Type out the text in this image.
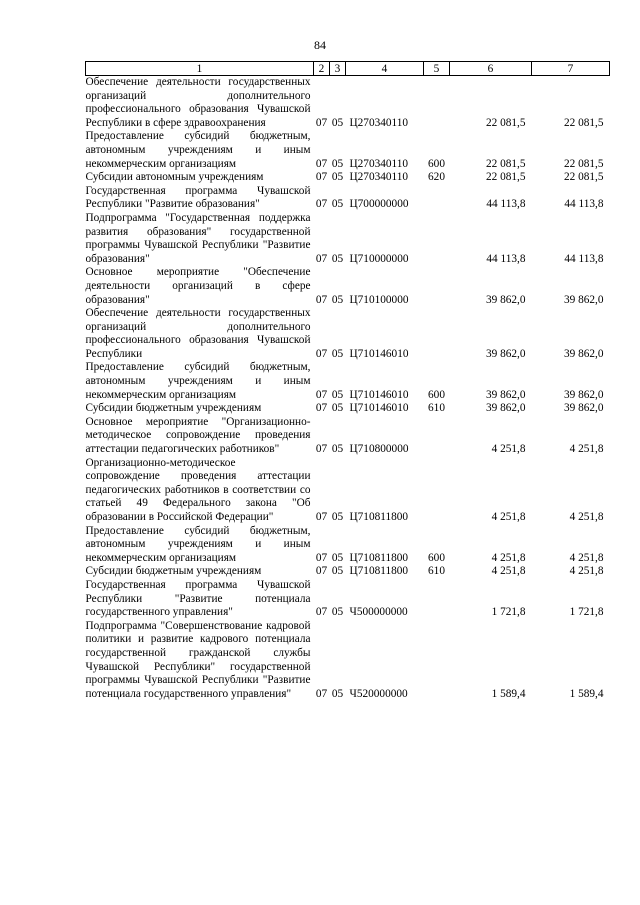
84
1	2	3	4	5	6	7
Обеспечение деятельности государственных организаций дополнительного профессионального образования Чувашской Республики в сфере здравоохранения	07	05	Ц270340110		22 081,5	22 081,5
Предоставление субсидий бюджетным, автономным учреждениям и иным некоммерческим организациям	07	05	Ц270340110	600	22 081,5	22 081,5
Субсидии автономным учреждениям	07	05	Ц270340110	620	22 081,5	22 081,5
Государственная программа Чувашской Республики "Развитие образования"	07	05	Ц700000000		44 113,8	44 113,8
Подпрограмма "Государственная поддержка развития образования" государственной программы Чувашской Республики "Развитие образования"	07	05	Ц710000000		44 113,8	44 113,8
Основное мероприятие "Обеспечение деятельности организаций в сфере образования"	07	05	Ц710100000		39 862,0	39 862,0
Обеспечение деятельности государственных организаций дополнительного профессионального образования Чувашской Республики	07	05	Ц710146010		39 862,0	39 862,0
Предоставление субсидий бюджетным, автономным учреждениям и иным некоммерческим организациям	07	05	Ц710146010	600	39 862,0	39 862,0
Субсидии бюджетным учреждениям	07	05	Ц710146010	610	39 862,0	39 862,0
Основное мероприятие "Организационно-методическое сопровождение проведения аттестации педагогических работников"	07	05	Ц710800000		4 251,8	4 251,8
Организационно-методическое сопровождение проведения аттестации педагогических работников в соответствии со статьей 49 Федерального закона "Об образовании в Российской Федерации"	07	05	Ц710811800		4 251,8	4 251,8
Предоставление субсидий бюджетным, автономным учреждениям и иным некоммерческим организациям	07	05	Ц710811800	600	4 251,8	4 251,8
Субсидии бюджетным учреждениям	07	05	Ц710811800	610	4 251,8	4 251,8
Государственная программа Чувашской Республики "Развитие потенциала государственного управления"	07	05	Ч500000000		1 721,8	1 721,8
Подпрограмма "Совершенствование кадровой политики и развитие кадрового потенциала государственной гражданской службы Чувашской Республики" государственной программы Чувашской Республики "Развитие потенциала государственного управления"	07	05	Ч520000000		1 589,4	1 589,4
